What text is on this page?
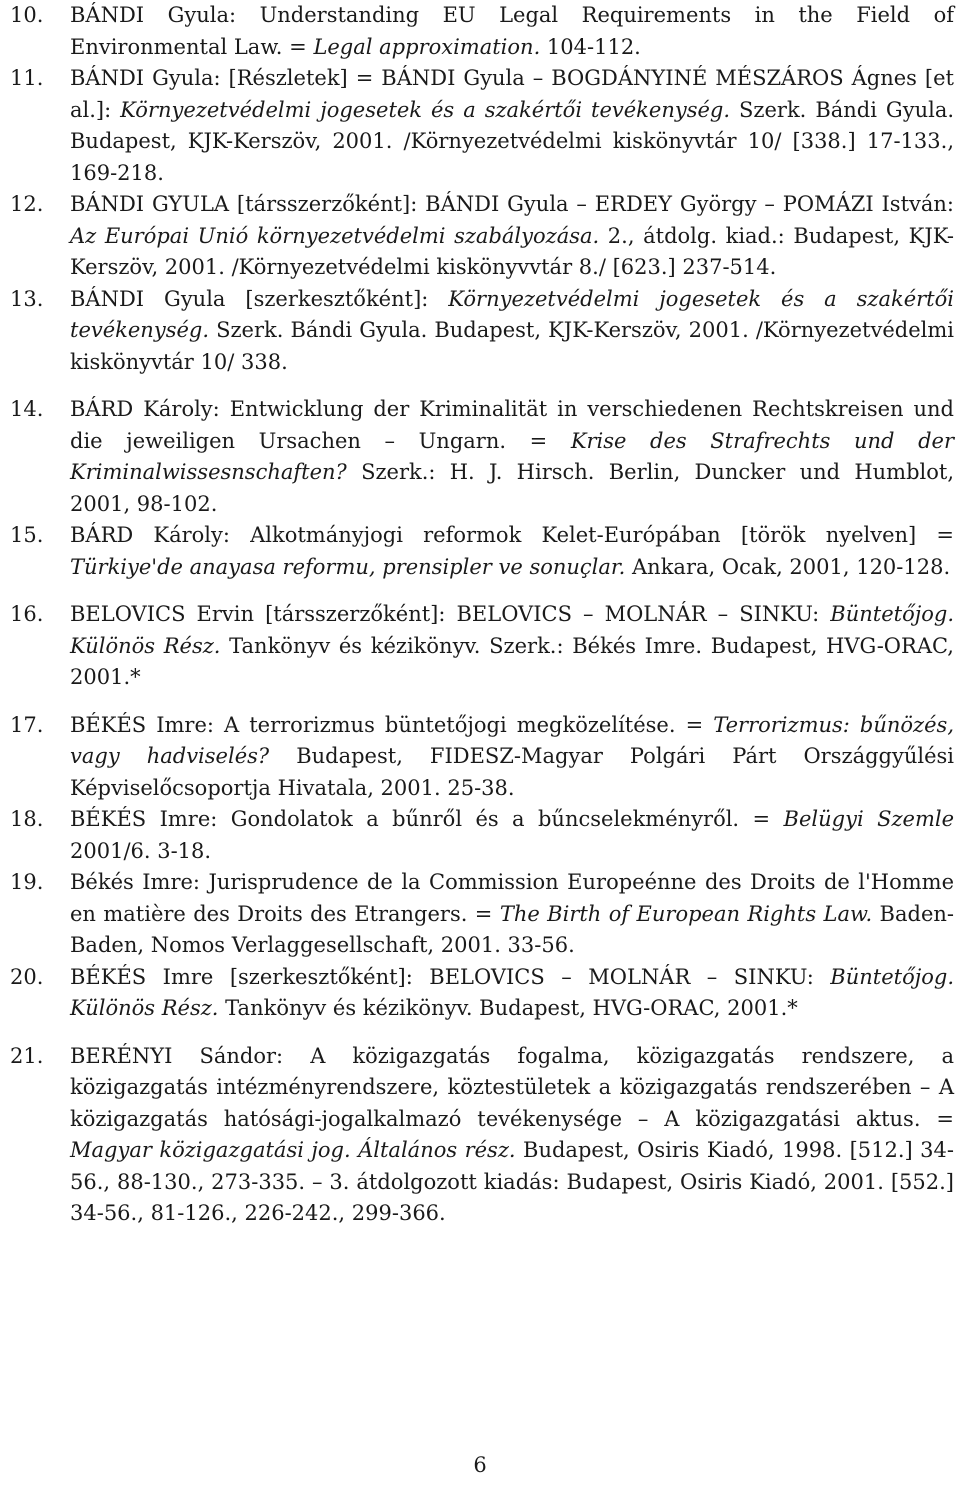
10.	BÁNDI Gyula: Understanding EU Legal Requirements in the Field of Environmental Law. = Legal approximation. 104-112.

11.	BÁNDI Gyula: [Részletek] = BÁNDI Gyula – BOGDÁNYINÉ MÉSZÁROS Ágnes [et al.]: Környezetvédelmi jogesetek és a szakértői tevékenység. Szerk. Bándi Gyula. Budapest, KJK-Kerszöv, 2001. /Környezetvédelmi kiskönyvtár 10/ [338.] 17-133., 169-218.

12.	BÁNDI GYULA [társszerzőként]: BÁNDI Gyula – ERDEY György – POMÁZI István: Az Európai Unió környezetvédelmi szabályozása. 2., átdolg. kiad.: Budapest, KJK-Kerszöv, 2001. /Környezetvédelmi kiskönyvvtár 8./ [623.] 237-514.

13.	BÁNDI Gyula [szerkesztőként]: Környezetvédelmi jogesetek és a szakértői tevékenység. Szerk. Bándi Gyula. Budapest, KJK-Kerszöv, 2001. /Környezetvédelmi kiskönyvtár 10/ 338.

14.	BÁRD Károly: Entwicklung der Kriminalität in verschiedenen Rechtskreisen und die jeweiligen Ursachen – Ungarn. = Krise des Strafrechts und der Kriminalwissesnschaften? Szerk.: H. J. Hirsch. Berlin, Duncker und Humblot, 2001, 98-102.

15.	BÁRD Károly: Alkotmányjogi reformok Kelet-Európában [török nyelven] = Türkiye'de anayasa reformu, prensipler ve sonuçlar. Ankara, Ocak, 2001, 120-128.

16.	BELOVICS Ervin [társszerzőként]: BELOVICS – MOLNÁR – SINKU: Büntetőjog. Különös Rész. Tankönyv és kézikönyv. Szerk.: Békés Imre. Budapest, HVG-ORAC, 2001.*

17.	BÉKÉS Imre: A terrorizmus büntetőjogi megközelítése. = Terrorizmus: bűnözés, vagy hadviselés? Budapest, FIDESZ-Magyar Polgári Párt Országgyűlési Képviselőcsoportja Hivatala, 2001. 25-38.

18.	BÉKÉS Imre: Gondolatok a bűnről és a bűncselekményről. = Belügyi Szemle 2001/6. 3-18.

19.	Békés Imre: Jurisprudence de la Commission Europeénne des Droits de l'Homme en matière des Droits des Etrangers. = The Birth of European Rights Law. Baden-Baden, Nomos Verlaggesellschaft, 2001. 33-56.

20.	BÉKÉS Imre [szerkesztőként]: BELOVICS – MOLNÁR – SINKU: Büntetőjog. Különös Rész. Tankönyv és kézikönyv. Budapest, HVG-ORAC, 2001.*

21.	BERÉNYI Sándor: A közigazgatás fogalma, közigazgatás rendszere, a közigazgatás intézményrendszere, köztestületek a közigazgatás rendszerében – A közigazgatás hatósági-jogalkalmazó tevékenysége – A közigazgatási aktus. = Magyar közigazgatási jog. Általános rész. Budapest, Osiris Kiadó, 1998. [512.] 34-56., 88-130., 273-335. – 3. átdolgozott kiadás: Budapest, Osiris Kiadó, 2001. [552.] 34-56., 81-126., 226-242., 299-366.

6
